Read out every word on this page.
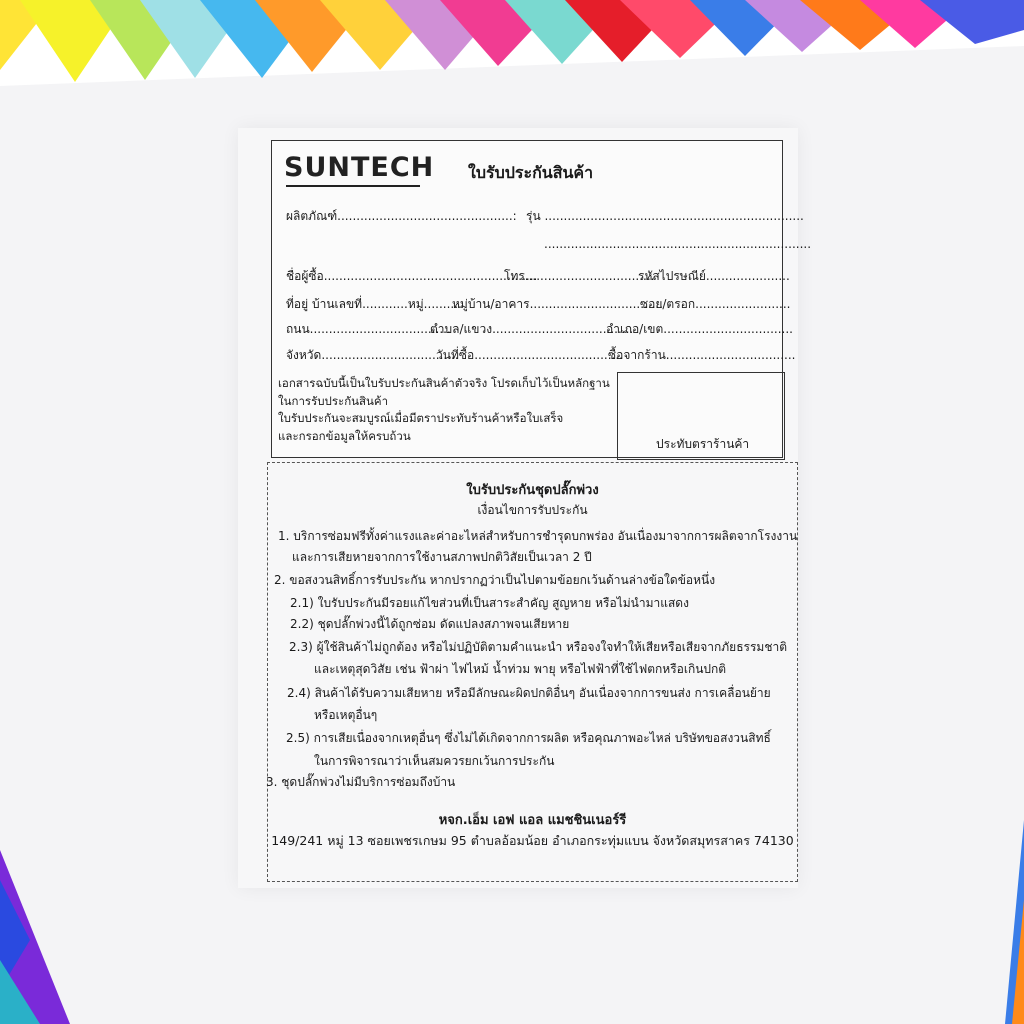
SUNTECH ใบรับประกันสินค้า
ผลิตภัณฑ์..............................................: รุ่น ....................................................................
......................................................................
ชื่อผู้ซื้อ........................................................
โทร..................................
รหัสไปรษณีย์......................
ที่อยู่ บ้านเลขที่............หมู่..........
หมู่บ้าน/อาคาร...................................
ซอย/ตรอก.........................
ถนน.....................................
ตำบล/แขวง.....................................
อำเภอ/เขต..................................
จังหวัด....................................
วันที่ซื้อ.......................................
ซื้อจากร้าน..................................
เอกสารฉบับนี้เป็นใบรับประกันสินค้าตัวจริง โปรดเก็บไว้เป็นหลักฐาน
ในการรับประกันสินค้า
ใบรับประกันจะสมบูรณ์เมื่อมีตราประทับร้านค้าหรือใบเสร็จ
และกรอกข้อมูลให้ครบถ้วน
ประทับตราร้านค้า
ใบรับประกันชุดปลั๊กพ่วง
เงื่อนไขการรับประกัน
1. บริการซ่อมฟรีทั้งค่าแรงและค่าอะไหล่สำหรับการชำรุดบกพร่อง อันเนื่องมาจากการผลิตจากโรงงาน
และการเสียหายจากการใช้งานสภาพปกติวิสัยเป็นเวลา 2 ปี
2. ขอสงวนสิทธิ์การรับประกัน หากปรากฏว่าเป็นไปตามข้อยกเว้นด้านล่างข้อใดข้อหนึ่ง
2.1) ใบรับประกันมีรอยแก้ไขส่วนที่เป็นสาระสำคัญ สูญหาย หรือไม่นำมาแสดง
2.2) ชุดปลั๊กพ่วงนี้ได้ถูกซ่อม ดัดแปลงสภาพจนเสียหาย
2.3) ผู้ใช้สินค้าไม่ถูกต้อง หรือไม่ปฏิบัติตามคำแนะนำ หรือจงใจทำให้เสียหรือเสียจากภัยธรรมชาติ
และเหตุสุดวิสัย เช่น ฟ้าผ่า ไฟไหม้ น้ำท่วม พายุ หรือไฟฟ้าที่ใช้ไฟตกหรือเกินปกติ
2.4) สินค้าได้รับความเสียหาย หรือมีลักษณะผิดปกติอื่นๆ อันเนื่องจากการขนส่ง การเคลื่อนย้าย
หรือเหตุอื่นๆ
2.5) การเสียเนื่องจากเหตุอื่นๆ ซึ่งไม่ได้เกิดจากการผลิต หรือคุณภาพอะไหล่ บริษัทขอสงวนสิทธิ์
ในการพิจารณาว่าเห็นสมควรยกเว้นการประกัน
3. ชุดปลั๊กพ่วงไม่มีบริการซ่อมถึงบ้าน
หจก.เอ็ม เอฟ แอล แมชชินเนอร์รี
149/241 หมู่ 13 ซอยเพชรเกษม 95 ตำบลอ้อมน้อย อำเภอกระทุ่มแบน จังหวัดสมุทรสาคร 74130
